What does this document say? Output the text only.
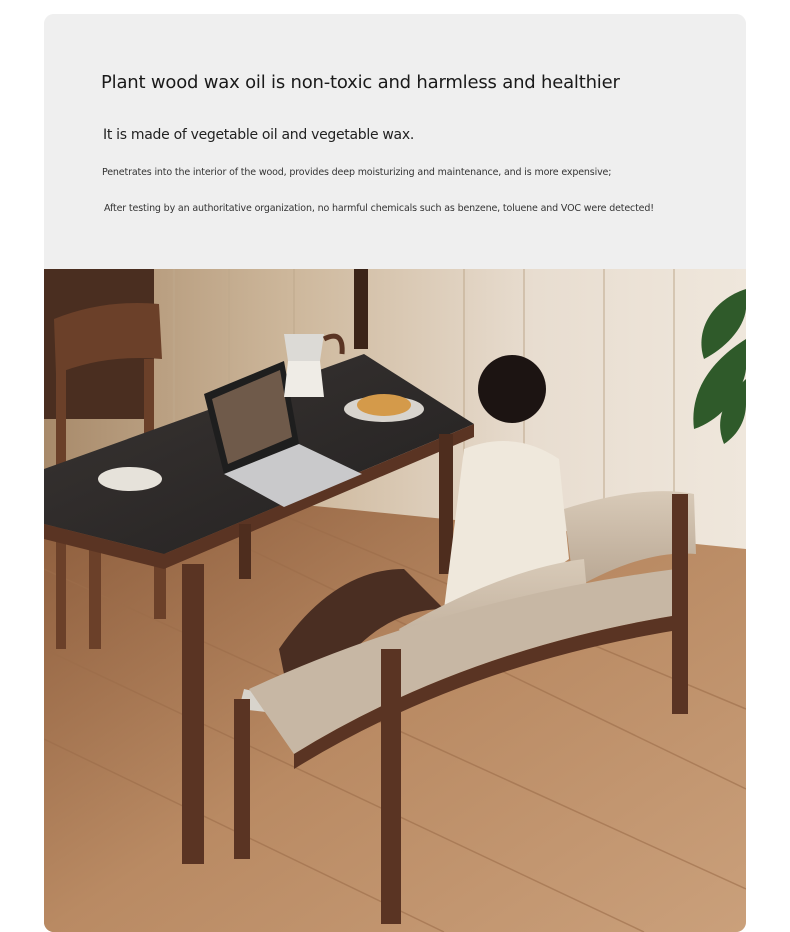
Plant wood wax oil is non-toxic and harmless and healthier

It is made of vegetable oil and vegetable wax.

Penetrates into the interior of the wood, provides deep moisturizing and maintenance, and is more expensive;

After testing by an authoritative organization, no harmful chemicals such as benzene, toluene and VOC were detected!
